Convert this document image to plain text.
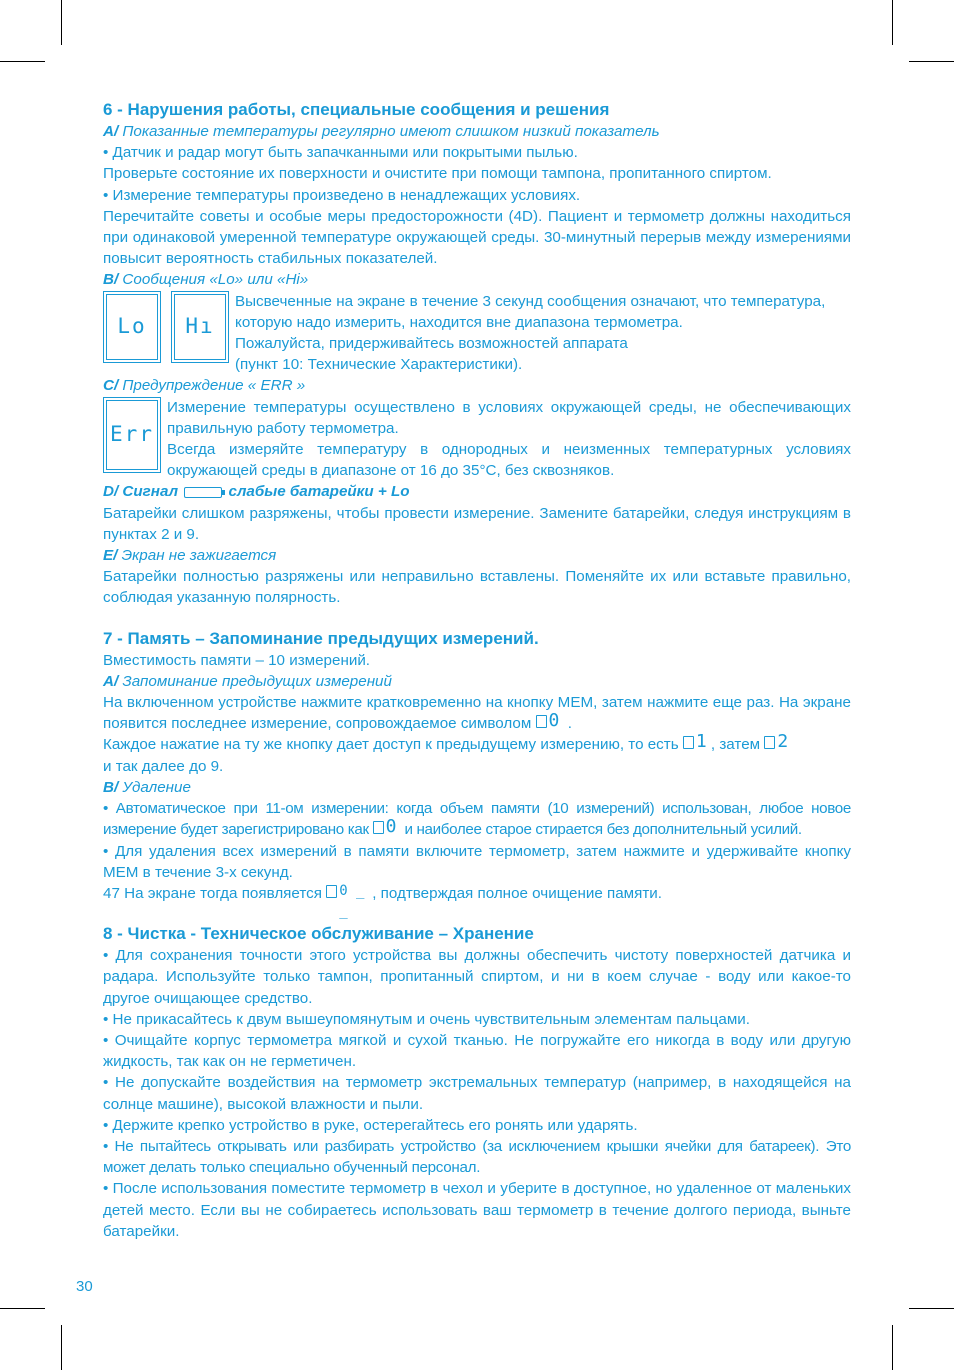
6 - Нарушения работы, специальные сообщения и решения

A/ Показанные температуры регулярно имеют слишком низкий показатель

• Датчик и радар могут быть запачканными или покрытыми пылью.

Проверьте состояние их поверхности и очистите при помощи тампона, пропитанного спиртом.

• Измерение температуры произведено в ненадлежащих условиях.

Перечитайте советы и особые меры предосторожности (4D). Пациент и термометр должны находиться при одинаковой умеренной температуре окружающей среды. 30-минутный перерыв между измерениями повысит вероятность стабильных показателей.

B/ Сообщения «Lo» или «Hi»

Lo	Hı

Высвеченные на экране в течение 3 секунд сообщения означают, что температура, которую надо измерить, находится вне диапазона термометра.

Пожалуйста, придерживайтесь возможностей аппарата

(пункт 10: Технические Характеристики).

C/ Предупреждение « ERR »

Err

Измерение температуры осуществлено в условиях окружающей среды, не обеспечивающих правильную работу термометра.

Всегда измеряйте температуру в однородных и неизменных температурных условиях окружающей среды в диапазоне от 16 до 35°С, без сквозняков.

D/ Сигнал	слабые батарейки + Lo

Батарейки слишком разряжены, чтобы провести измерение. Замените батарейки, следуя инструкциям в пунктах 2 и 9.

E/ Экран не зажигается

Батарейки полностью разряжены или неправильно вставлены. Поменяйте их или вставьте правильно, соблюдая указанную полярность.

7 - Память – Запоминание предыдущих измерений.

Вместимость памяти – 10 измерений.

A/ Запоминание предыдущих измерений

На включенном устройстве нажмите кратковременно на кнопку MEM, затем нажмите еще раз. На экране появится последнее измерение, сопровождаемое символом 0 .

Каждое нажатие на ту же кнопку дает доступ к предыдущему измерению, то есть 1 , затем 2

и так далее до 9.

B/ Удаление

• Автоматическое при 11-ом измерении: когда объем памяти (10 измерений) использован, любое новое измерение будет зарегистрировано как 0 и наиболее старое стирается без дополнительный усилий.

• Для удаления всех измерений в памяти включите термометр, затем нажмите и удерживайте кнопку MEM в течение 3-х секунд.

47 На экране тогда появляется 0 _ _
, подтверждая полное очищение памяти.

8 - Чистка - Техническое обслуживание – Хранение

• Для сохранения точности этого устройства вы должны обеспечить чистоту поверхностей датчика и радара. Используйте только тампон, пропитанный спиртом, и ни в коем случае - воду или какое-то другое очищающее средство.

• Не прикасайтесь к двум вышеупомянутым и очень чувствительным элементам пальцами.

• Очищайте корпус термометра мягкой и сухой тканью. Не погружайте его никогда в воду или другую жидкость, так как он не герметичен.

• Не допускайте воздействия на термометр экстремальных температур (например, в находящейся на солнце машине), высокой влажности и пыли.

• Держите крепко устройство в руке, остерегайтесь его ронять или ударять.

• Не пытайтесь открывать или разбирать устройство (за исключением крышки ячейки для батареек). Это может делать только специально обученный персонал.

• После использования поместите термометр в чехол и уберите в доступное, но удаленное от маленьких детей место. Если вы не собираетесь использовать ваш термометр в течение долгого периода, выньте батарейки.

30
